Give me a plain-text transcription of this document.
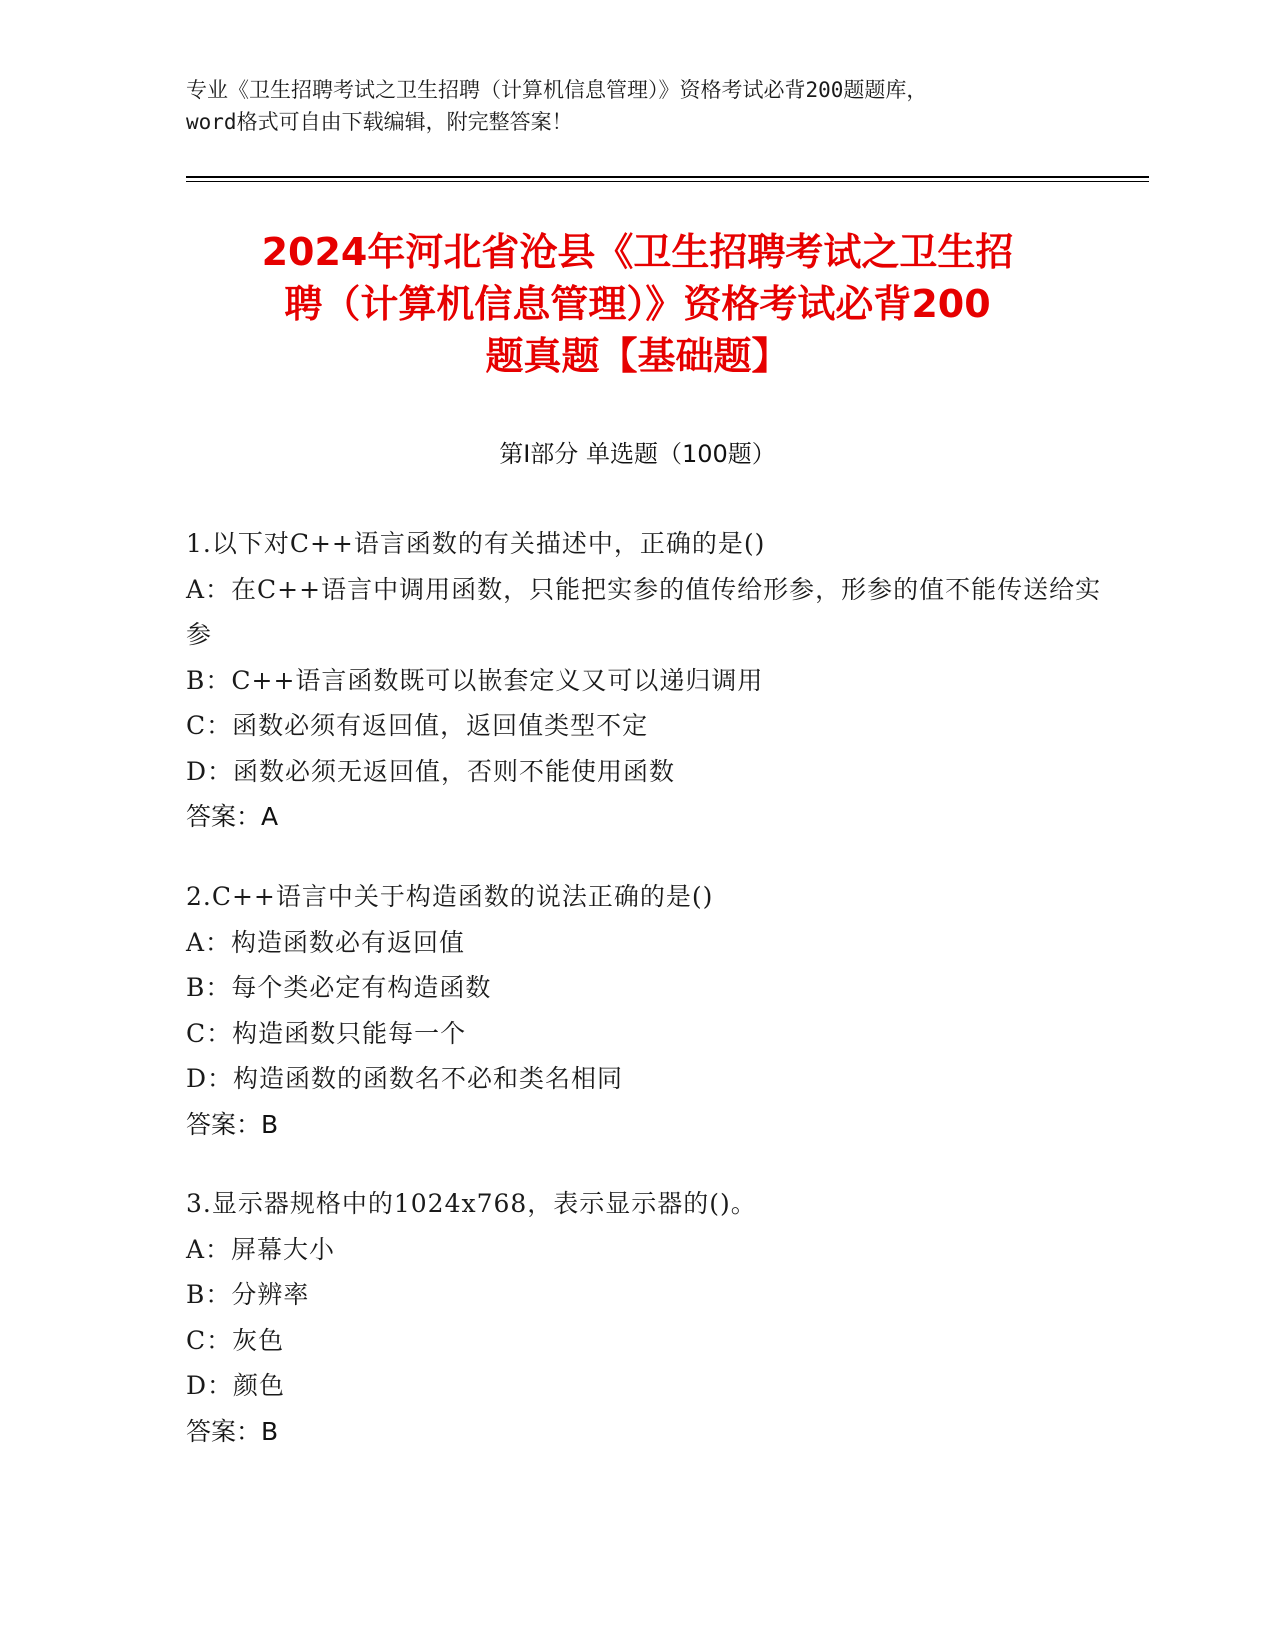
专业《卫生招聘考试之卫生招聘（计算机信息管理）》资格考试必背200题题库，
word格式可自由下载编辑，附完整答案！
2024年河北省沧县《卫生招聘考试之卫生招
聘（计算机信息管理）》资格考试必背200
题真题【基础题】
第Ⅰ部分 单选题（100题）
1.以下对C++语言函数的有关描述中，正确的是()
A：在C++语言中调用函数，只能把实参的值传给形参，形参的值不能传送给实参
B：C++语言函数既可以嵌套定义又可以递归调用
C：函数必须有返回值，返回值类型不定
D：函数必须无返回值，否则不能使用函数
答案：A
2.C++语言中关于构造函数的说法正确的是()
A：构造函数必有返回值
B：每个类必定有构造函数
C：构造函数只能每一个
D：构造函数的函数名不必和类名相同
答案：B
3.显示器规格中的1024x768，表示显示器的()。
A：屏幕大小
B：分辨率
C：灰色
D：颜色
答案：B
